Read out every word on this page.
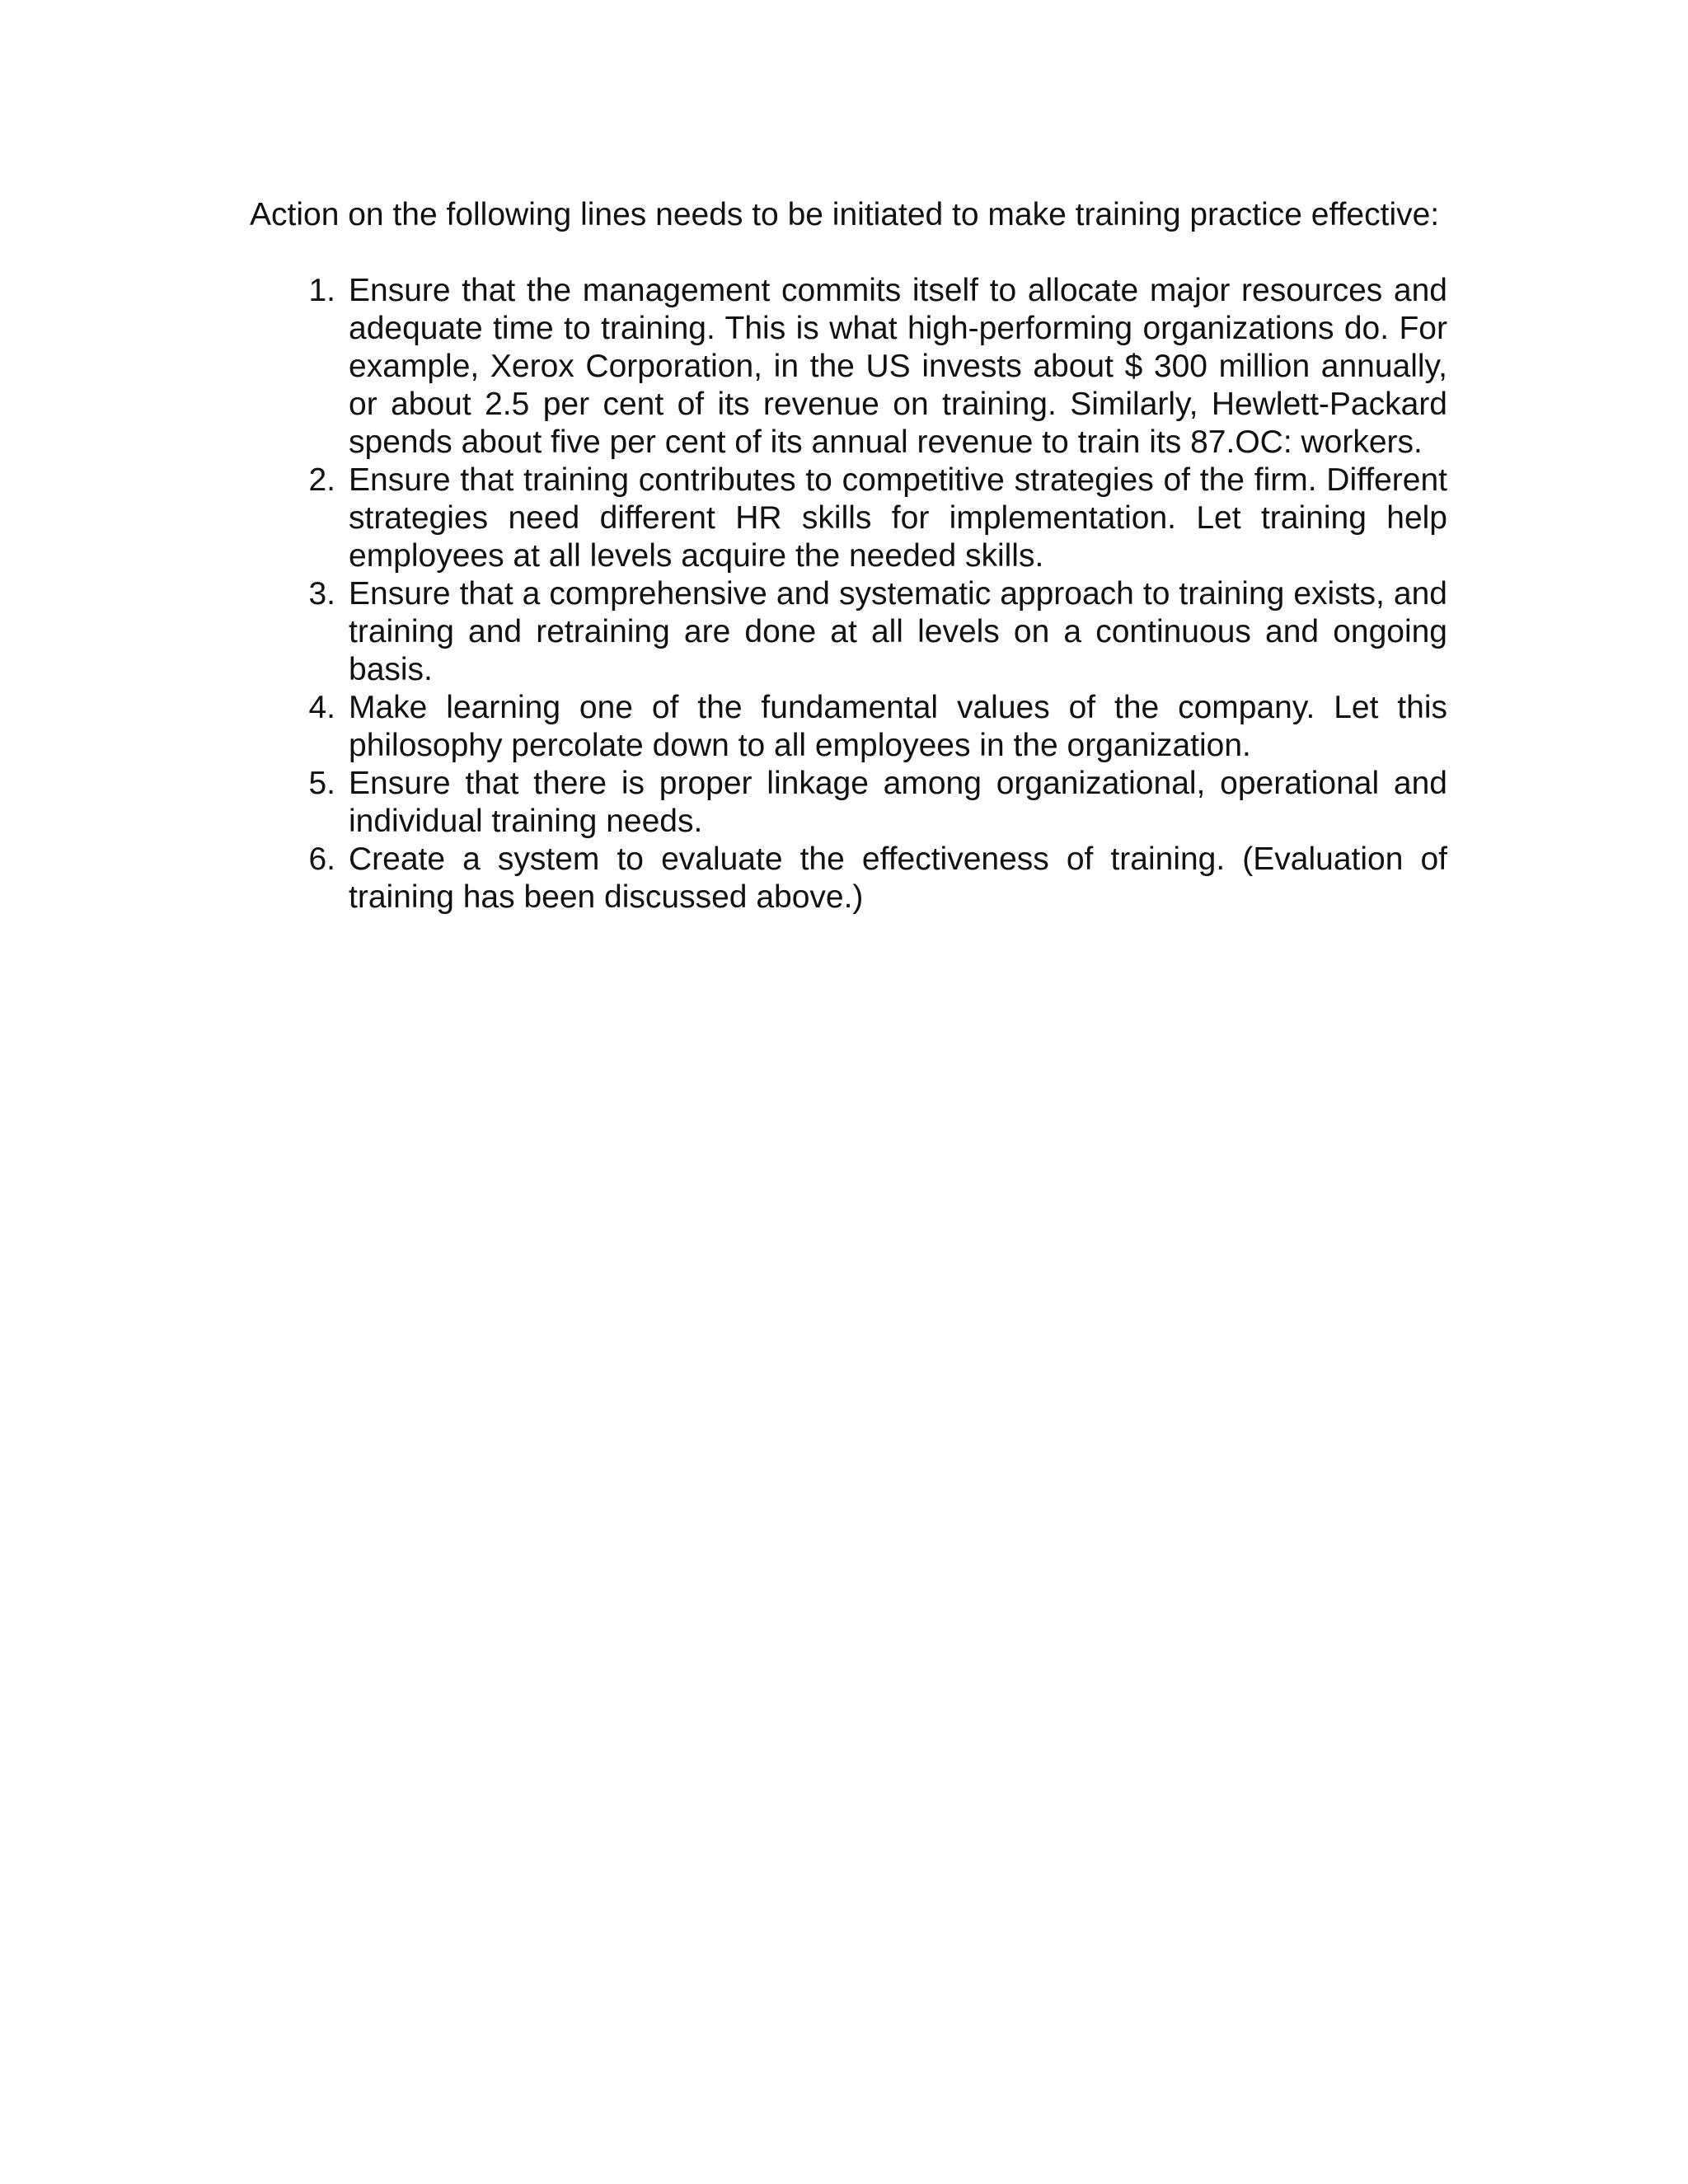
Action on the following lines needs to be initiated to make training practice effective:

1. Ensure that the management commits itself to allocate major resources and adequate time to training. This is what high-performing organizations do. For example, Xerox Corporation, in the US invests about $ 300 million annually, or about 2.5 per cent of its revenue on training. Similarly, Hewlett-Packard spends about five per cent of its annual revenue to train its 87.OC: workers.
2. Ensure that training contributes to competitive strategies of the firm. Different strategies need different HR skills for implementation. Let training help employees at all levels acquire the needed skills.
3. Ensure that a comprehensive and systematic approach to training exists, and training and retraining are done at all levels on a continuous and ongoing basis.
4. Make learning one of the fundamental values of the company. Let this philosophy percolate down to all employees in the organization.
5. Ensure that there is proper linkage among organizational, operational and individual training needs.
6. Create a system to evaluate the effectiveness of training. (Evaluation of training has been discussed above.)
